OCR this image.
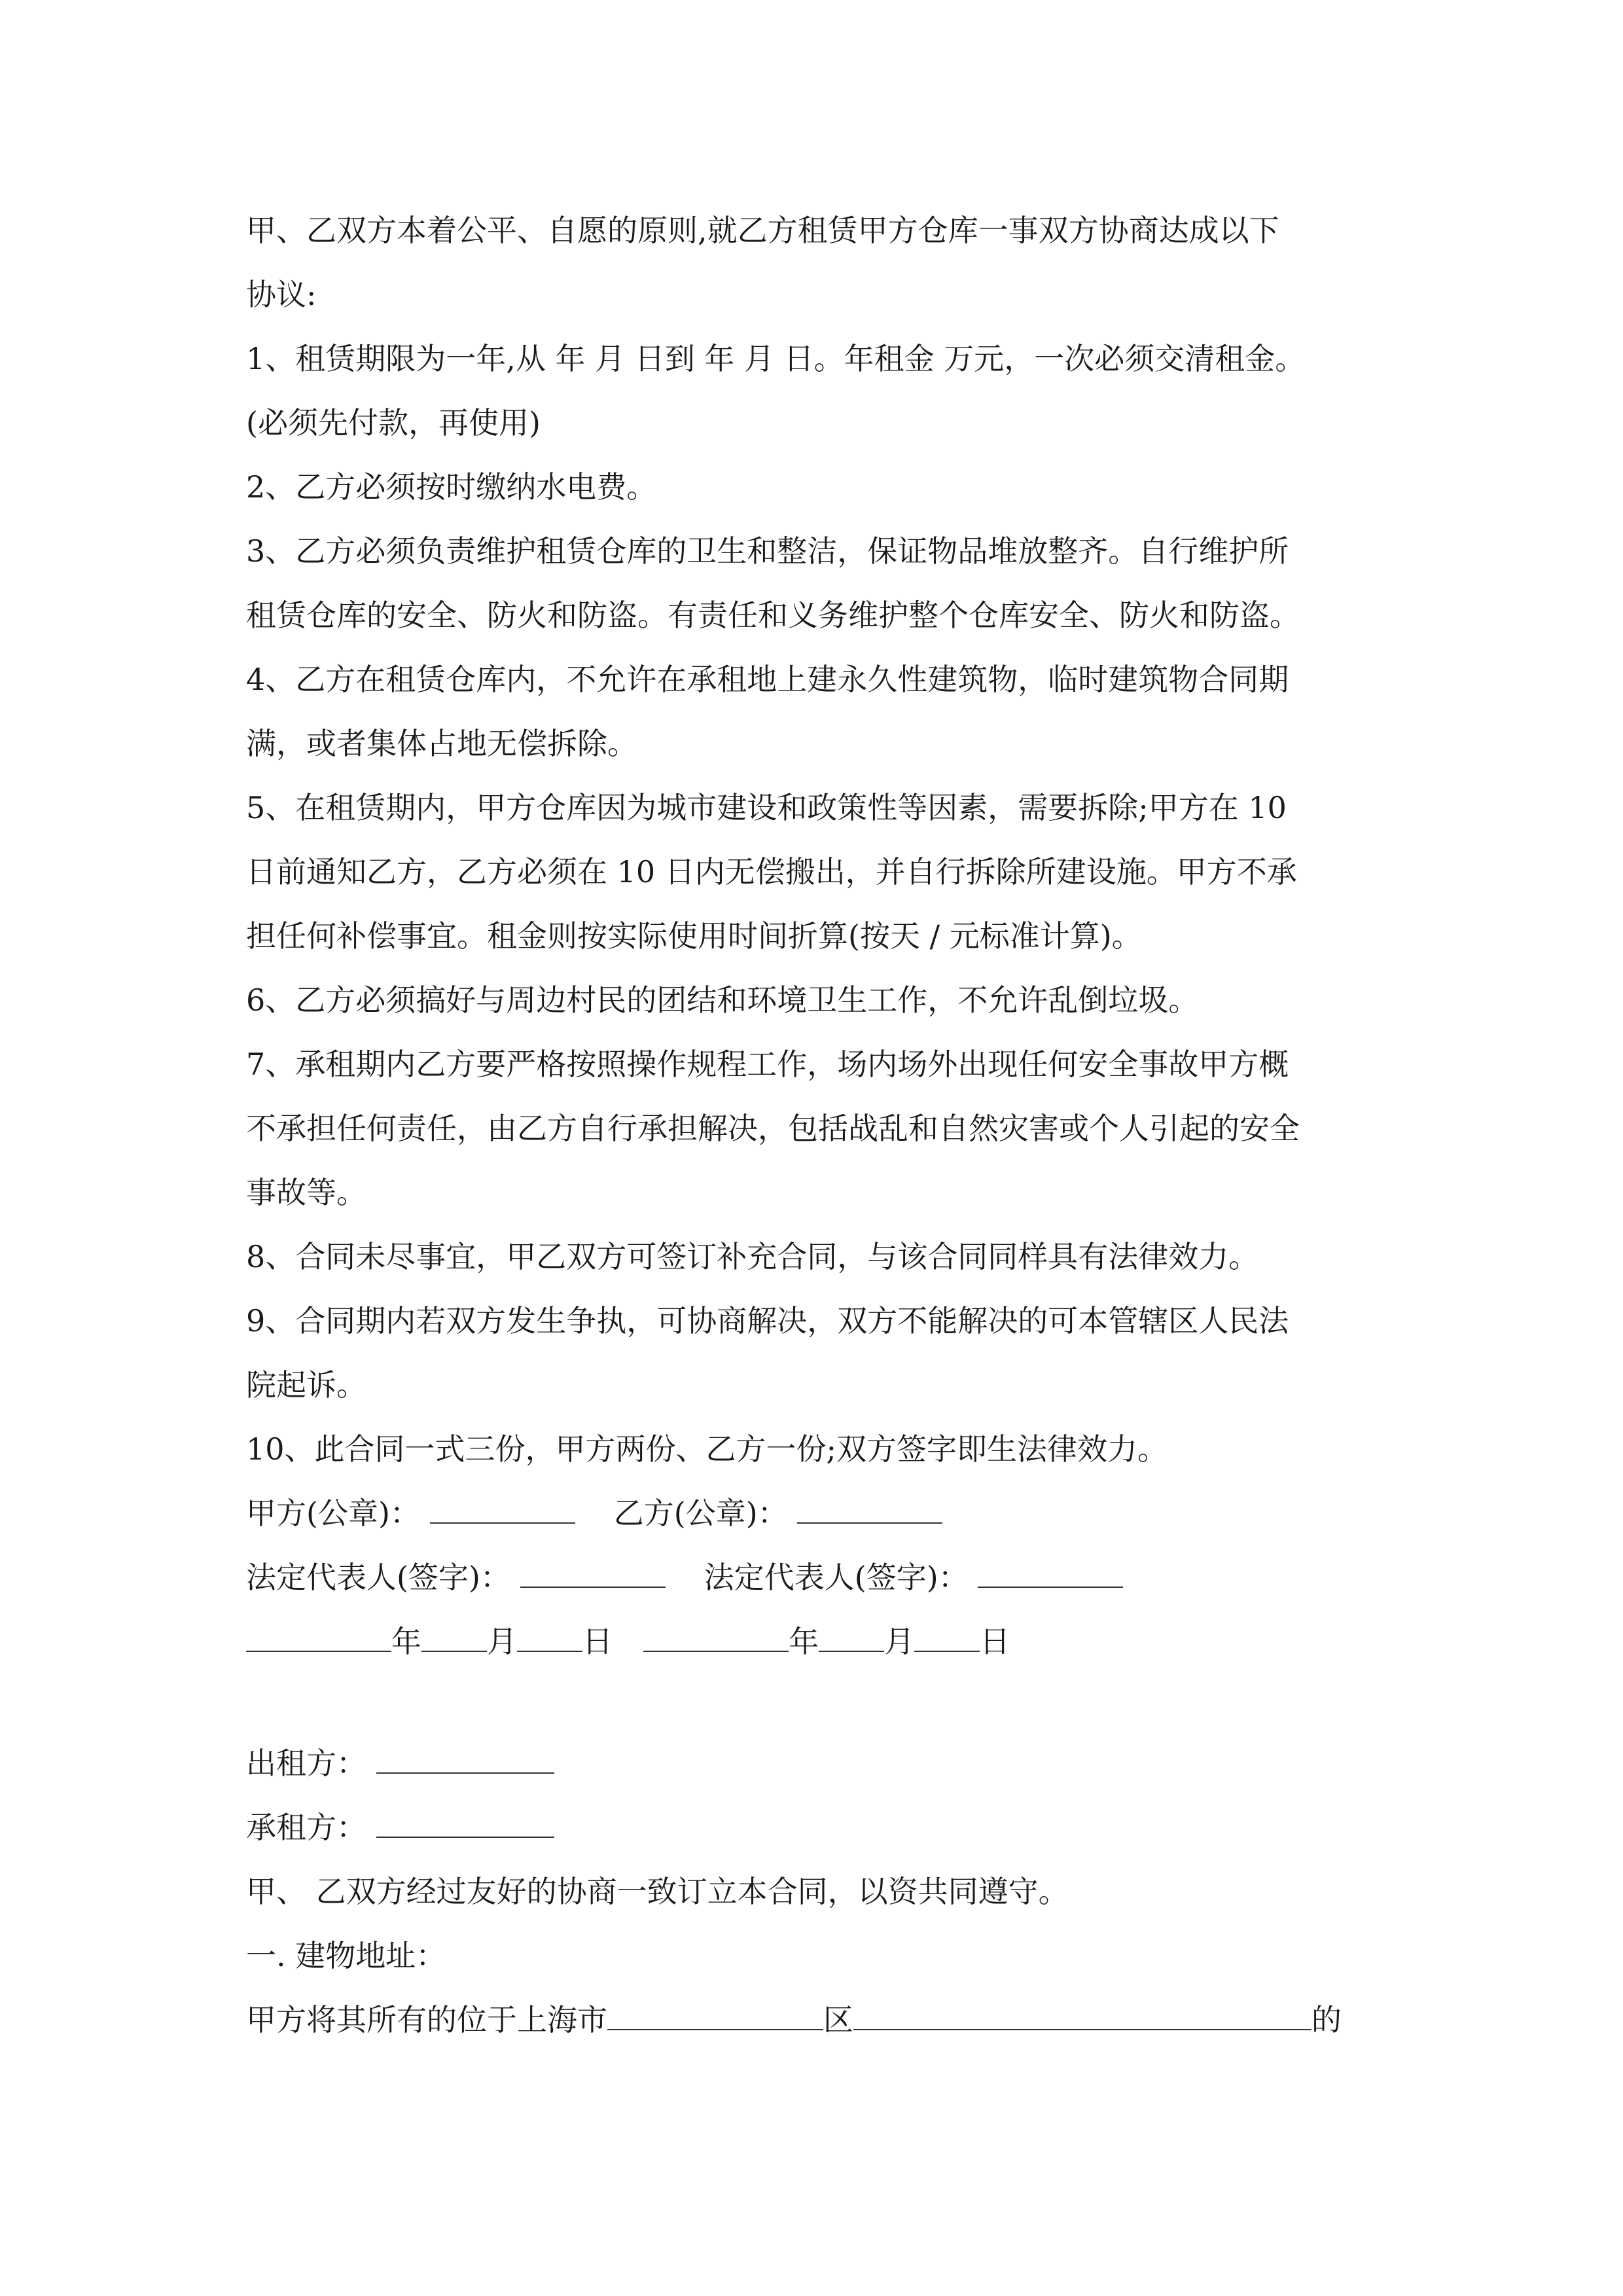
甲、乙双方本着公平、自愿的原则,就乙方租赁甲方仓库一事双方协商达成以下
协议:
1、租赁期限为一年,从 年 月 日到 年 月 日。年租金 万元，一次必须交清租金。
(必须先付款，再使用)
2、乙方必须按时缴纳水电费。
3、乙方必须负责维护租赁仓库的卫生和整洁，保证物品堆放整齐。自行维护所
租赁仓库的安全、防火和防盗。有责任和义务维护整个仓库安全、防火和防盗。
4、乙方在租赁仓库内，不允许在承租地上建永久性建筑物，临时建筑物合同期
满，或者集体占地无偿拆除。
5、在租赁期内，甲方仓库因为城市建设和政策性等因素，需要拆除;甲方在 10
日前通知乙方，乙方必须在 10 日内无偿搬出，并自行拆除所建设施。甲方不承
担任何补偿事宜。租金则按实际使用时间折算(按天 / 元标准计算)。
6、乙方必须搞好与周边村民的团结和环境卫生工作，不允许乱倒垃圾。
7、承租期内乙方要严格按照操作规程工作，场内场外出现任何安全事故甲方概
不承担任何责任，由乙方自行承担解决，包括战乱和自然灾害或个人引起的安全
事故等。
8、合同未尽事宜，甲乙双方可签订补充合同，与该合同同样具有法律效力。
9、合同期内若双方发生争执，可协商解决，双方不能解决的可本管辖区人民法
院起诉。
10、此合同一式三份，甲方两份、乙方一份;双方签字即生法律效力。
甲方(公章)：	乙方(公章)：
法定代表人(签字)：	法定代表人(签字)：
年 月 日	年 月 日
出租方：
承租方：
甲、 乙双方经过友好的协商一致订立本合同，以资共同遵守。
一. 建物地址：
甲方将其所有的位于上海市	区	的
